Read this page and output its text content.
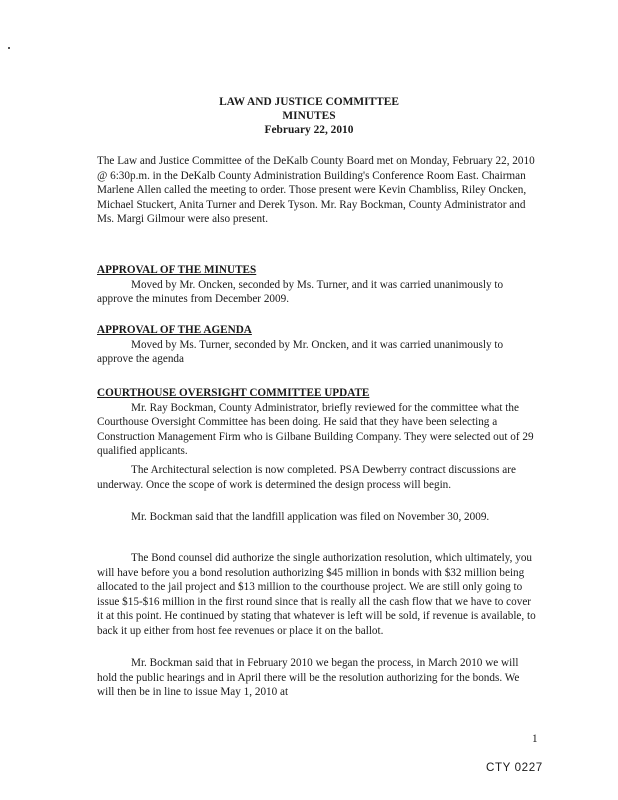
LAW AND JUSTICE COMMITTEE
MINUTES
February 22, 2010

The Law and Justice Committee of the DeKalb County Board met on Monday, February 22, 2010 @ 6:30p.m. in the DeKalb County Administration Building's Conference Room East. Chairman Marlene Allen called the meeting to order. Those present were Kevin Chambliss, Riley Oncken, Michael Stuckert, Anita Turner and Derek Tyson. Mr. Ray Bockman, County Administrator and Ms. Margi Gilmour were also present.

APPROVAL OF THE MINUTES

Moved by Mr. Oncken, seconded by Ms. Turner, and it was carried unanimously to approve the minutes from December 2009.

APPROVAL OF THE AGENDA

Moved by Ms. Turner, seconded by Mr. Oncken, and it was carried unanimously to approve the agenda

COURTHOUSE OVERSIGHT COMMITTEE UPDATE

Mr. Ray Bockman, County Administrator, briefly reviewed for the committee what the Courthouse Oversight Committee has been doing. He said that they have been selecting a Construction Management Firm who is Gilbane Building Company. They were selected out of 29 qualified applicants.

The Architectural selection is now completed. PSA Dewberry contract discussions are underway. Once the scope of work is determined the design process will begin.

Mr. Bockman said that the landfill application was filed on November 30, 2009.

The Bond counsel did authorize the single authorization resolution, which ultimately, you will have before you a bond resolution authorizing $45 million in bonds with $32 million being allocated to the jail project and $13 million to the courthouse project. We are still only going to issue $15-$16 million in the first round since that is really all the cash flow that we have to cover it at this point. He continued by stating that whatever is left will be sold, if revenue is available, to back it up either from host fee revenues or place it on the ballot.

Mr. Bockman said that in February 2010 we began the process, in March 2010 we will hold the public hearings and in April there will be the resolution authorizing for the bonds. We will then be in line to issue May 1, 2010 at

1
CTY 0227
